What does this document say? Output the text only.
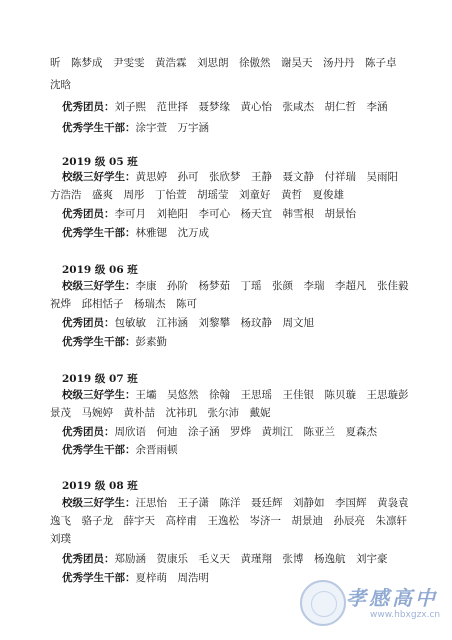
昕　陈梦成　尹雯雯　黄浩霖　刘思朗　徐傲然　谢昊天　汤丹丹　陈子卓
沈晗
优秀团员：刘子熙　范世择　聂梦缘　黄心怡　张咸杰　胡仁哲　李涵
优秀学生干部：涂宇萱　万宇涵
2019 级 05 班
校级三好学生：黄思婷　孙可　张欣梦　王静　聂文静　付祥瑞　吴雨阳
方浩浩　盛爽　周彤　丁怡萱　胡瑶莹　刘童好　黄哲　夏俊雄
优秀团员：李可月　刘艳阳　李可心　杨天宜　韩雪根　胡景怡
优秀学生干部：林雅锶　沈万成
2019 级 06 班
校级三好学生：李康　孙阶　杨梦茹　丁瑶　张颜　李瑞　李超凡　张佳毅
祝烨　邱相恬子　杨瑞杰　陈可
优秀团员：包敏敏　江祎涵　刘黎攀　杨玟静　周文旭
优秀学生干部：彭素勤
2019 级 07 班
校级三好学生：王壩　吴悠然　徐翰　王思瑶　王佳银　陈贝璇　王思璇彭
景茂　马婉婷　黄朴喆　沈祎玑　张尔沛　戴妮
优秀团员：周欣语　何迪　涂子涵　罗烨　黄圳江　陈亚兰　夏森杰
优秀学生干部：余晋雨顿
2019 级 08 班
校级三好学生：汪思怡　王子潇　陈洋　聂廷辉　刘静如　李国辉　黄袅袁
逸飞　骆子龙　薛宇天　高梓甫　王逸松　岑济一　胡景迪　孙辰亮　朱凛轩
刘璞
优秀团员：郑励涵　贺康乐　毛义天　黄瑾翔　张博　杨逸航　刘宇豪
优秀学生干部：夏梓萌　周浩明
孝感高中
www.hbxgzx.cn
